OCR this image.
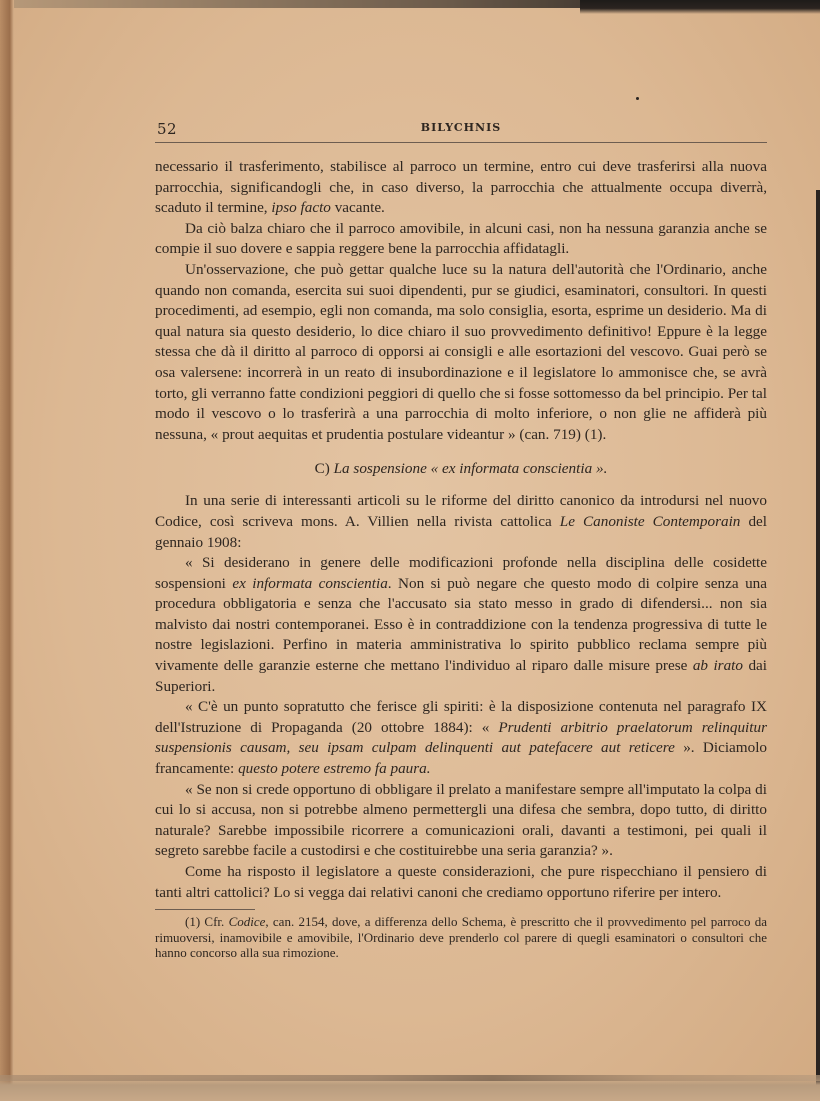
52	BILYCHNIS

necessario il trasferimento, stabilisce al parroco un termine, entro cui deve trasferirsi alla nuova parrocchia, significandogli che, in caso diverso, la parrocchia che attualmente occupa diverrà, scaduto il termine, ipso facto vacante.

Da ciò balza chiaro che il parroco amovibile, in alcuni casi, non ha nessuna garanzia anche se compie il suo dovere e sappia reggere bene la parrocchia affidatagli.

Un'osservazione, che può gettar qualche luce su la natura dell'autorità che l'Ordinario, anche quando non comanda, esercita sui suoi dipendenti, pur se giudici, esaminatori, consultori. In questi procedimenti, ad esempio, egli non comanda, ma solo consiglia, esorta, esprime un desiderio. Ma di qual natura sia questo desiderio, lo dice chiaro il suo provvedimento definitivo! Eppure è la legge stessa che dà il diritto al parroco di opporsi ai consigli e alle esortazioni del vescovo. Guai però se osa valersene: incorrerà in un reato di insubordinazione e il legislatore lo ammonisce che, se avrà torto, gli verranno fatte condizioni peggiori di quello che si fosse sottomesso da bel principio. Per tal modo il vescovo o lo trasferirà a una parrocchia di molto inferiore, o non glie ne affiderà più nessuna, « prout aequitas et prudentia postulare videantur » (can. 719) (1).

C) La sospensione « ex informata conscientia ».

In una serie di interessanti articoli su le riforme del diritto canonico da introdursi nel nuovo Codice, così scriveva mons. A. Villien nella rivista cattolica Le Canoniste Contemporain del gennaio 1908:

« Si desiderano in genere delle modificazioni profonde nella disciplina delle cosidette sospensioni ex informata conscientia. Non si può negare che questo modo di colpire senza una procedura obbligatoria e senza che l'accusato sia stato messo in grado di difendersi... non sia malvisto dai nostri contemporanei. Esso è in contraddizione con la tendenza progressiva di tutte le nostre legislazioni. Perfino in materia amministrativa lo spirito pubblico reclama sempre più vivamente delle garanzie esterne che mettano l'individuo al riparo dalle misure prese ab irato dai Superiori.

« C'è un punto sopratutto che ferisce gli spiriti: è la disposizione contenuta nel paragrafo IX dell'Istruzione di Propaganda (20 ottobre 1884): « Prudenti arbitrio praelatorum relinquitur suspensionis causam, seu ipsam culpam delinquenti aut patefacere aut reticere ». Diciamolo francamente: questo potere estremo fa paura.

« Se non si crede opportuno di obbligare il prelato a manifestare sempre all'imputato la colpa di cui lo si accusa, non si potrebbe almeno permettergli una difesa che sembra, dopo tutto, di diritto naturale? Sarebbe impossibile ricorrere a comunicazioni orali, davanti a testimoni, pei quali il segreto sarebbe facile a custodirsi e che costituirebbe una seria garanzia? ».

Come ha risposto il legislatore a queste considerazioni, che pure rispecchiano il pensiero di tanti altri cattolici? Lo si vegga dai relativi canoni che crediamo opportuno riferire per intero.

(1) Cfr. Codice, can. 2154, dove, a differenza dello Schema, è prescritto che il provvedimento pel parroco da rimuoversi, inamovibile e amovibile, l'Ordinario deve prenderlo col parere di quegli esaminatori o consultori che hanno concorso alla sua rimozione.
